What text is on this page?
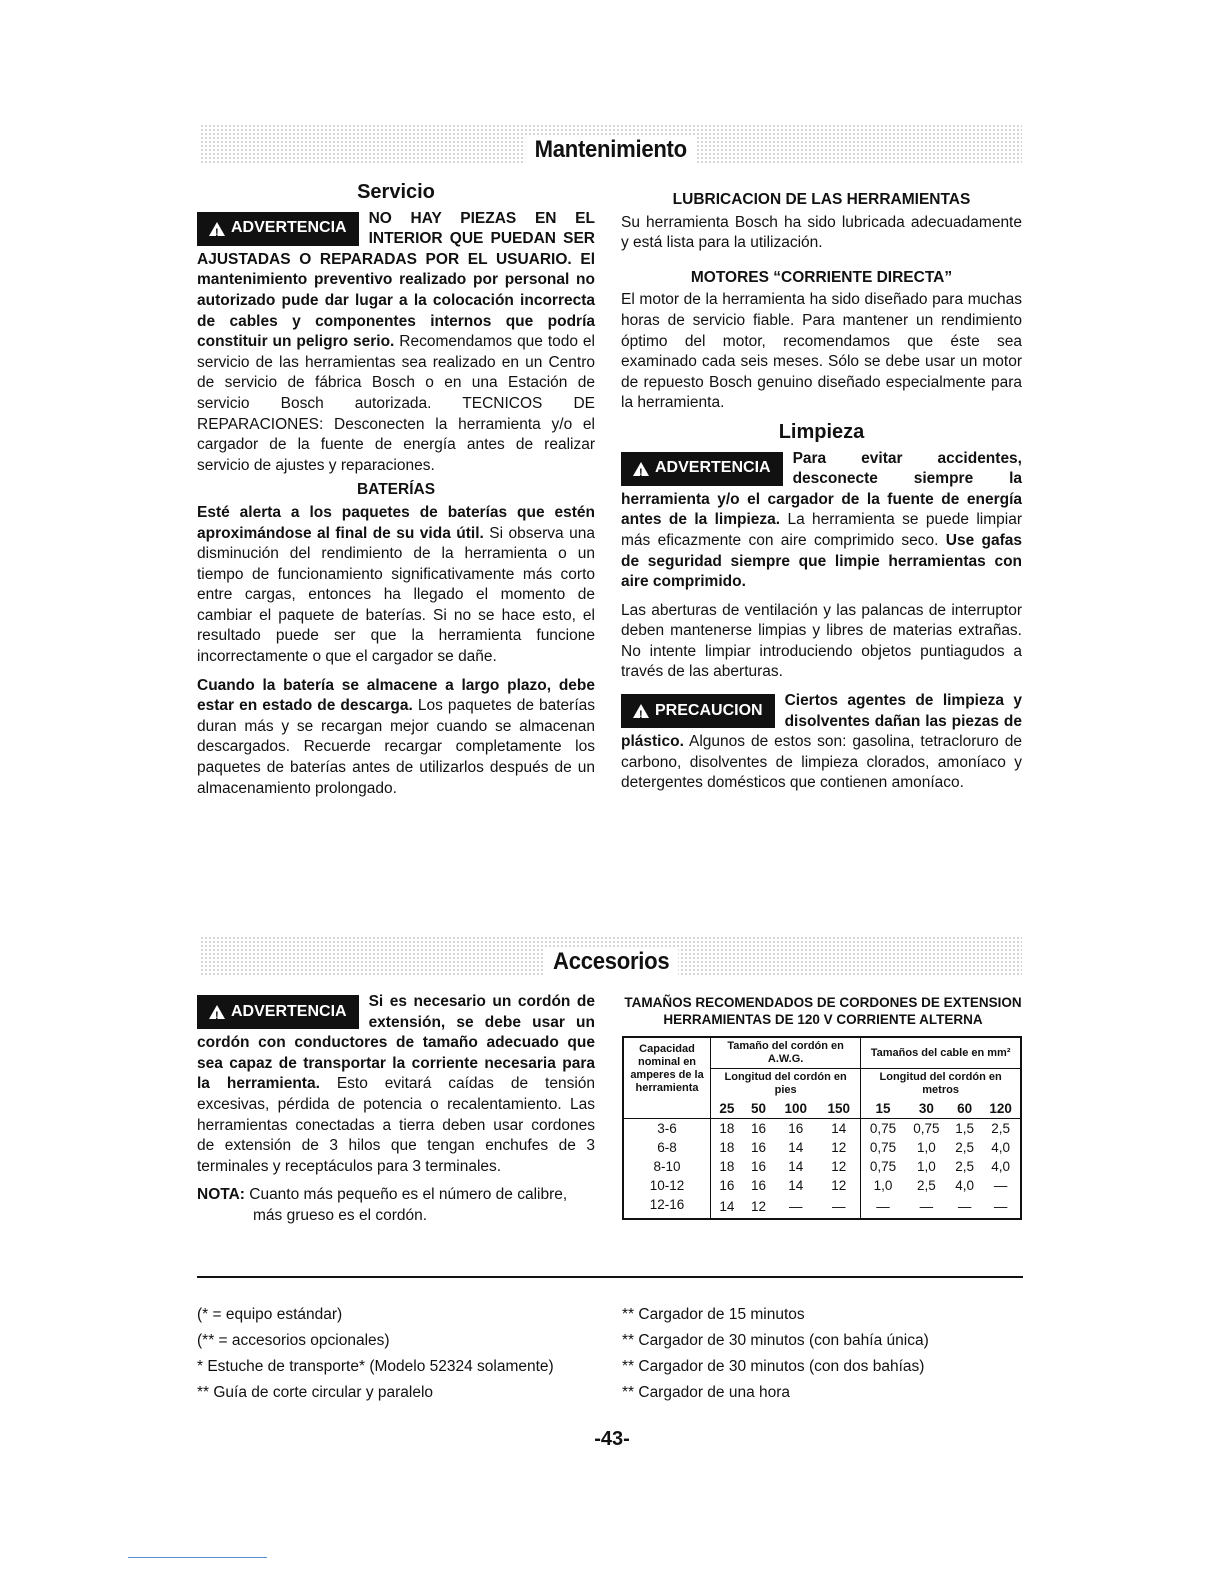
Mantenimiento
Servicio

!
ADVERTENCIA
NO HAY PIEZAS EN EL INTERIOR QUE PUEDAN SER AJUSTADAS O REPARADAS POR EL USUARIO. El mantenimiento preventivo realizado por personal no autorizado pude dar lugar a la colocación incorrecta de cables y componentes internos que podría constituir un peligro serio. Recomendamos que todo el servicio de las herramientas sea realizado en un Centro de servicio de fábrica Bosch o en una Estación de servicio Bosch autorizada. TECNICOS DE REPARACIONES: Desconecten la herramienta y/o el cargador de la fuente de energía antes de realizar servicio de ajustes y reparaciones.

BATERÍAS

Esté alerta a los paquetes de baterías que estén aproximándose al final de su vida útil. Si observa una disminución del rendimiento de la herramienta o un tiempo de funcionamiento significativamente más corto entre cargas, entonces ha llegado el momento de cambiar el paquete de baterías. Si no se hace esto, el resultado puede ser que la herramienta funcione incorrectamente o que el cargador se dañe.

Cuando la batería se almacene a largo plazo, debe estar en estado de descarga. Los paquetes de baterías duran más y se recargan mejor cuando se almacenan descargados. Recuerde recargar completamente los paquetes de baterías antes de utilizarlos después de un almacenamiento prolongado.

LUBRICACION DE LAS HERRAMIENTAS

Su herramienta Bosch ha sido lubricada adecuadamente y está lista para la utilización.

MOTORES “CORRIENTE DIRECTA”

El motor de la herramienta ha sido diseñado para muchas horas de servicio fiable. Para mantener un rendimiento óptimo del motor, recomendamos que éste sea examinado cada seis meses. Sólo se debe usar un motor de repuesto Bosch genuino diseñado especialmente para la herramienta.

Limpieza

!
ADVERTENCIA
Para evitar accidentes, desconecte siempre la herramienta y/o el cargador de la fuente de energía antes de la limpieza. La herramienta se puede limpiar más eficazmente con aire comprimido seco. Use gafas de seguridad siempre que limpie herramientas con aire comprimido.

Las aberturas de ventilación y las palancas de interruptor deben mantenerse limpias y libres de materias extrañas. No intente limpiar introduciendo objetos puntiagudos a través de las aberturas.

!
PRECAUCION
Ciertos agentes de limpieza y disolventes dañan las piezas de plástico. Algunos de estos son: gasolina, tetracloruro de carbono, disolventes de limpieza clorados, amoníaco y detergentes domésticos que contienen amoníaco.

Accesorios

!
ADVERTENCIA
Si es necesario un cordón de extensión, se debe usar un cordón con conductores de tamaño adecuado que sea capaz de transportar la corriente necesaria para la herramienta. Esto evitará caídas de tensión excesivas, pérdida de potencia o recalentamiento. Las herramientas conectadas a tierra deben usar cordones de extensión de 3 hilos que tengan enchufes de 3 terminales y receptáculos para 3 terminales.

NOTA: Cuanto más pequeño es el número de calibre, más grueso es el cordón.

TAMAÑOS RECOMENDADOS DE CORDONES DE EXTENSION
HERRAMIENTAS DE 120 V CORRIENTE ALTERNA
Capacidad nominal en amperes de la herramienta	Tamaño del cordón en A.W.G.				Tamaños del cable en mm²			

	Longitud del cordón en pies				Longitud del cordón en metros			

	25	50	100	150	15	30	60	120
3-6	18	16	16	14	0,75	0,75	1,5	2,5
6-8	18	16	14	12	0,75	1,0	2,5	4,0
8-10	18	16	14	12	0,75	1,0	2,5	4,0
10-12	16	16	14	12	1,0	2,5	4,0	—
12-16	14	12	—	—	—	—	—	—
(* = equipo estándar)
(** = accesorios opcionales)
* Estuche de transporte* (Modelo 52324 solamente)
** Guía de corte circular y paralelo
** Cargador de 15 minutos
** Cargador de 30 minutos (con bahía única)
** Cargador de 30 minutos (con dos bahías)
** Cargador de una hora
-43-
